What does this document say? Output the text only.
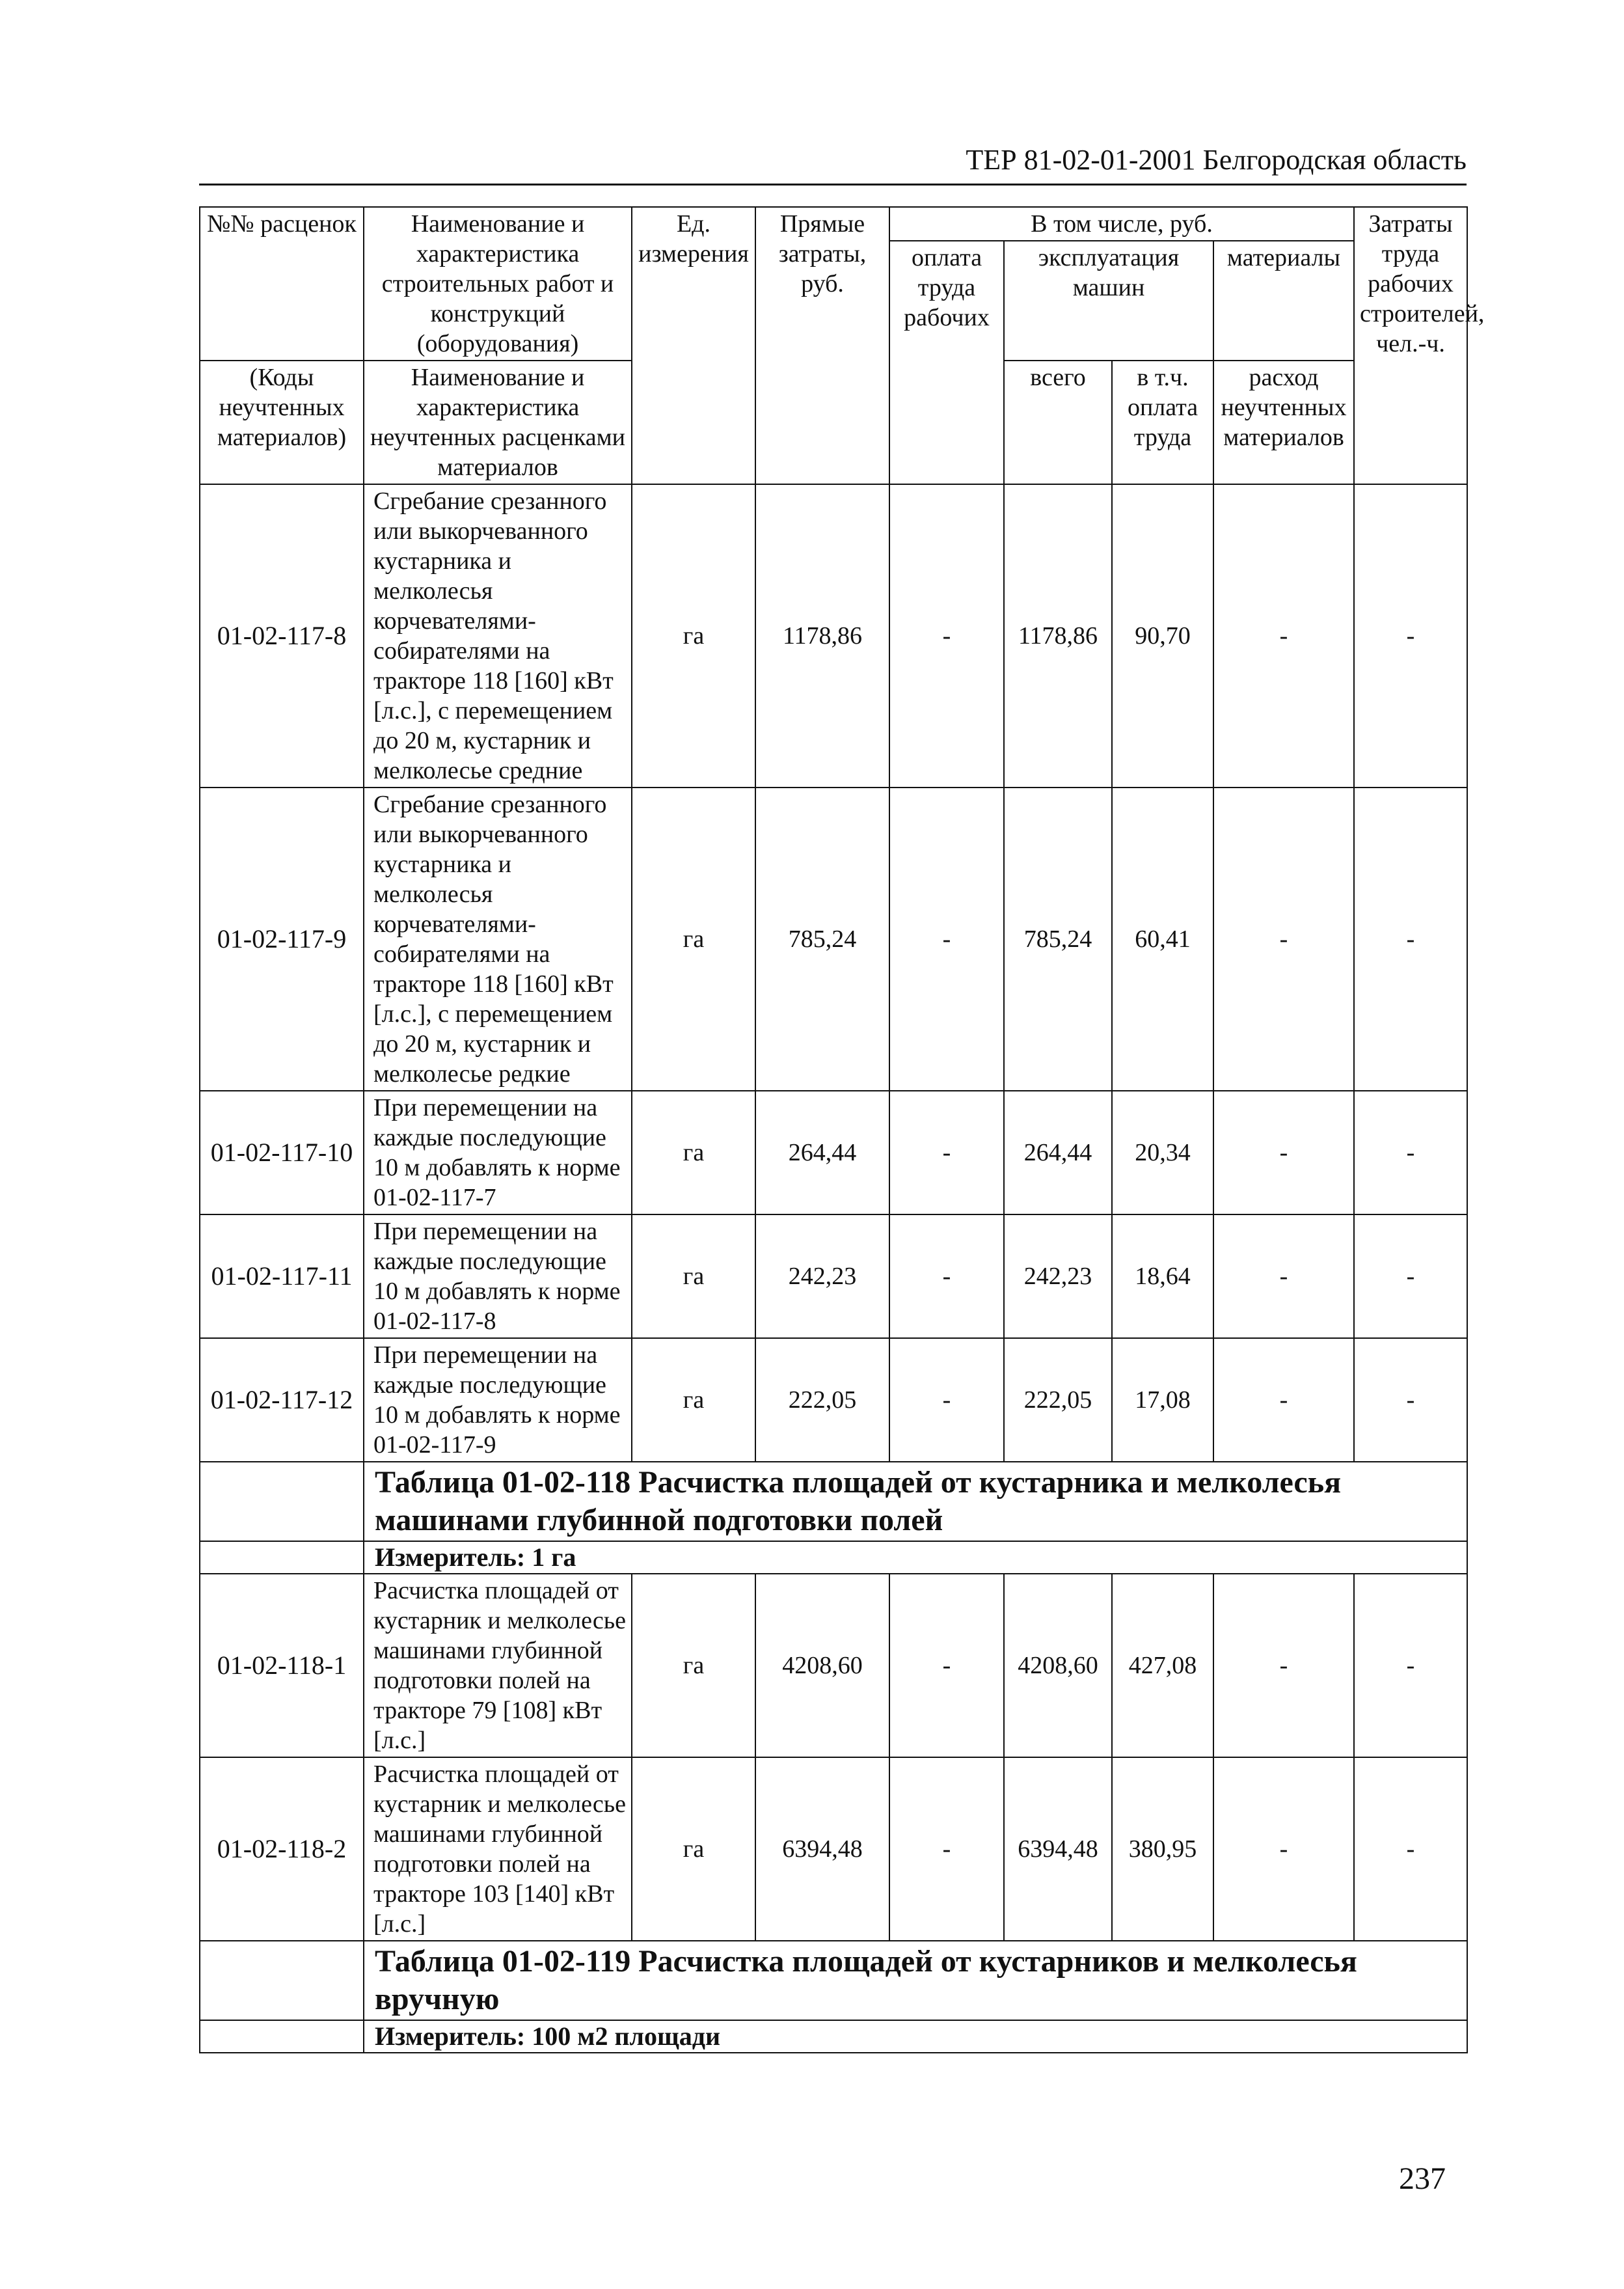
ТЕР 81-02-01-2001 Белгородская область
№№ расценок	Наименование и характеристика строительных работ и конструкций (оборудования)	Ед. измерения	Прямые затраты, руб.	В том числе, руб.				Затраты труда рабочих строителей, чел.-ч.
				оплата труда рабочих	эксплуатация машин		материалы	
(Коды неучтенных материалов)	Наименование и характеристика неучтенных расценками материалов				всего	в т.ч. оплата труда	расход неучтенных материалов	

01-02-117-8	Сгребание срезанного или выкорчеванного кустарника и мелколесья корчевателями- собирателями на тракторе 118 [160] кВт [л.с.], с перемещением до 20 м, кустарник и мелколесье средние	га	1178,86	-	1178,86	90,70	-	-
01-02-117-9	Сгребание срезанного или выкорчеванного кустарника и мелколесья корчевателями- собирателями на тракторе 118 [160] кВт [л.с.], с перемещением до 20 м, кустарник и мелколесье редкие	га	785,24	-	785,24	60,41	-	-
01-02-117-10	При перемещении на каждые последующие 10 м добавлять к норме 01-02-117-7	га	264,44	-	264,44	20,34	-	-
01-02-117-11	При перемещении на каждые последующие 10 м добавлять к норме 01-02-117-8	га	242,23	-	242,23	18,64	-	-
01-02-117-12	При перемещении на каждые последующие 10 м добавлять к норме 01-02-117-9	га	222,05	-	222,05	17,08	-	-
	Таблица 01-02-118 Расчистка площадей от кустарника и мелколесья машинами глубинной подготовки полей							
	Измеритель: 1 га							
01-02-118-1	Расчистка площадей от кустарник и мелколесье машинами глубинной подготовки полей на тракторе 79 [108] кВт [л.с.]	га	4208,60	-	4208,60	427,08	-	-
01-02-118-2	Расчистка площадей от кустарник и мелколесье машинами глубинной подготовки полей на тракторе 103 [140] кВт [л.с.]	га	6394,48	-	6394,48	380,95	-	-
	Таблица 01-02-119 Расчистка площадей от кустарников и мелколесья вручную							
	Измеритель: 100 м2 площади							
237
